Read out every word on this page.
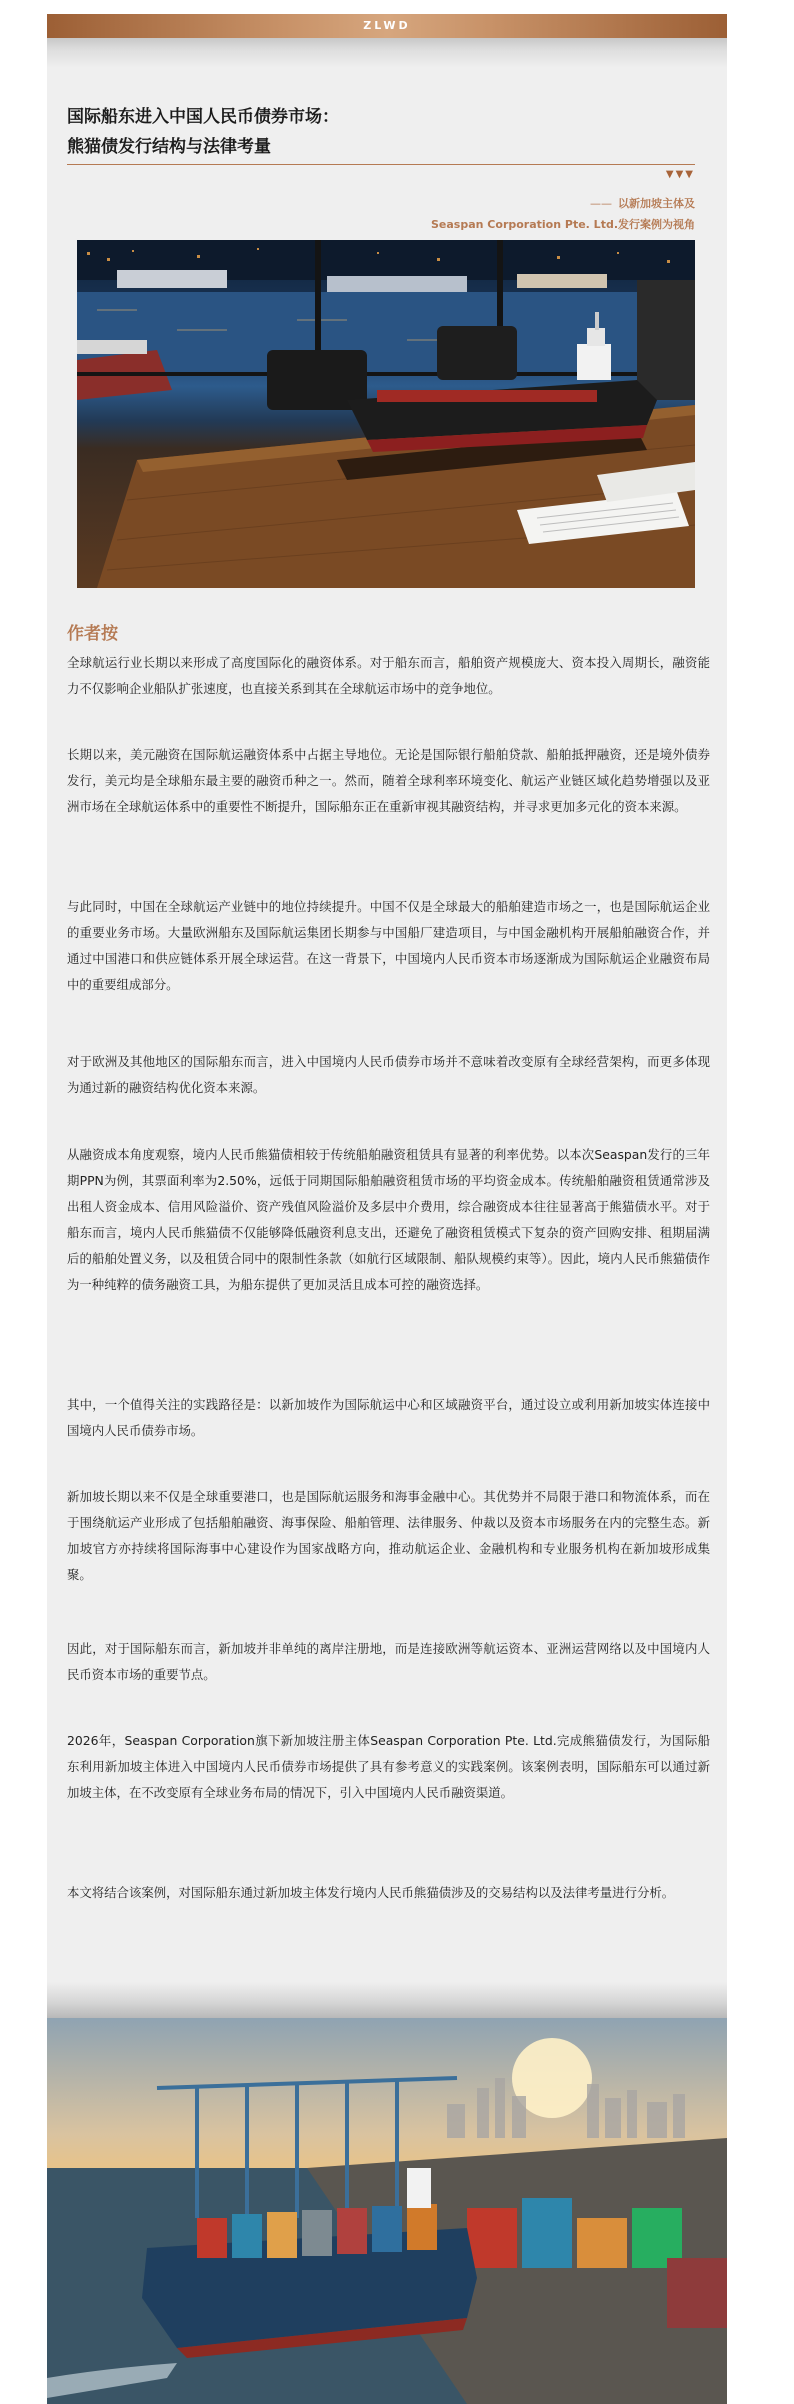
ZLWD
国际船东进入中国人民币债券市场：
熊猫债发行结构与法律考量
▼▼▼
—— 以新加坡主体及
Seaspan Corporation Pte. Ltd.发行案例为视角
作者按
全球航运行业长期以来形成了高度国际化的融资体系。对于船东而言，船舶资产规模庞大、资本投入周期长，融资能力不仅影响企业船队扩张速度，也直接关系到其在全球航运市场中的竞争地位。
长期以来，美元融资在国际航运融资体系中占据主导地位。无论是国际银行船舶贷款、船舶抵押融资，还是境外债券发行，美元均是全球船东最主要的融资币种之一。然而，随着全球利率环境变化、航运产业链区域化趋势增强以及亚洲市场在全球航运体系中的重要性不断提升，国际船东正在重新审视其融资结构，并寻求更加多元化的资本来源。
与此同时，中国在全球航运产业链中的地位持续提升。中国不仅是全球最大的船舶建造市场之一，也是国际航运企业的重要业务市场。大量欧洲船东及国际航运集团长期参与中国船厂建造项目，与中国金融机构开展船舶融资合作，并通过中国港口和供应链体系开展全球运营。在这一背景下，中国境内人民币资本市场逐渐成为国际航运企业融资布局中的重要组成部分。
对于欧洲及其他地区的国际船东而言，进入中国境内人民币债券市场并不意味着改变原有全球经营架构，而更多体现为通过新的融资结构优化资本来源。
从融资成本角度观察，境内人民币熊猫债相较于传统船舶融资租赁具有显著的利率优势。以本次Seaspan发行的三年期PPN为例，其票面利率为2.50%，远低于同期国际船舶融资租赁市场的平均资金成本。传统船舶融资租赁通常涉及出租人资金成本、信用风险溢价、资产残值风险溢价及多层中介费用，综合融资成本往往显著高于熊猫债水平。对于船东而言，境内人民币熊猫债不仅能够降低融资利息支出，还避免了融资租赁模式下复杂的资产回购安排、租期届满后的船舶处置义务，以及租赁合同中的限制性条款（如航行区域限制、船队规模约束等）。因此，境内人民币熊猫债作为一种纯粹的债务融资工具，为船东提供了更加灵活且成本可控的融资选择。
其中，一个值得关注的实践路径是：以新加坡作为国际航运中心和区域融资平台，通过设立或利用新加坡实体连接中国境内人民币债券市场。
新加坡长期以来不仅是全球重要港口，也是国际航运服务和海事金融中心。其优势并不局限于港口和物流体系，而在于围绕航运产业形成了包括船舶融资、海事保险、船舶管理、法律服务、仲裁以及资本市场服务在内的完整生态。新加坡官方亦持续将国际海事中心建设作为国家战略方向，推动航运企业、金融机构和专业服务机构在新加坡形成集聚。
因此，对于国际船东而言，新加坡并非单纯的离岸注册地，而是连接欧洲等航运资本、亚洲运营网络以及中国境内人民币资本市场的重要节点。
2026年，Seaspan Corporation旗下新加坡注册主体Seaspan Corporation Pte. Ltd.完成熊猫债发行，为国际船东利用新加坡主体进入中国境内人民币债券市场提供了具有参考意义的实践案例。该案例表明，国际船东可以通过新加坡主体，在不改变原有全球业务布局的情况下，引入中国境内人民币融资渠道。
本文将结合该案例，对国际船东通过新加坡主体发行境内人民币熊猫债涉及的交易结构以及法律考量进行分析。
